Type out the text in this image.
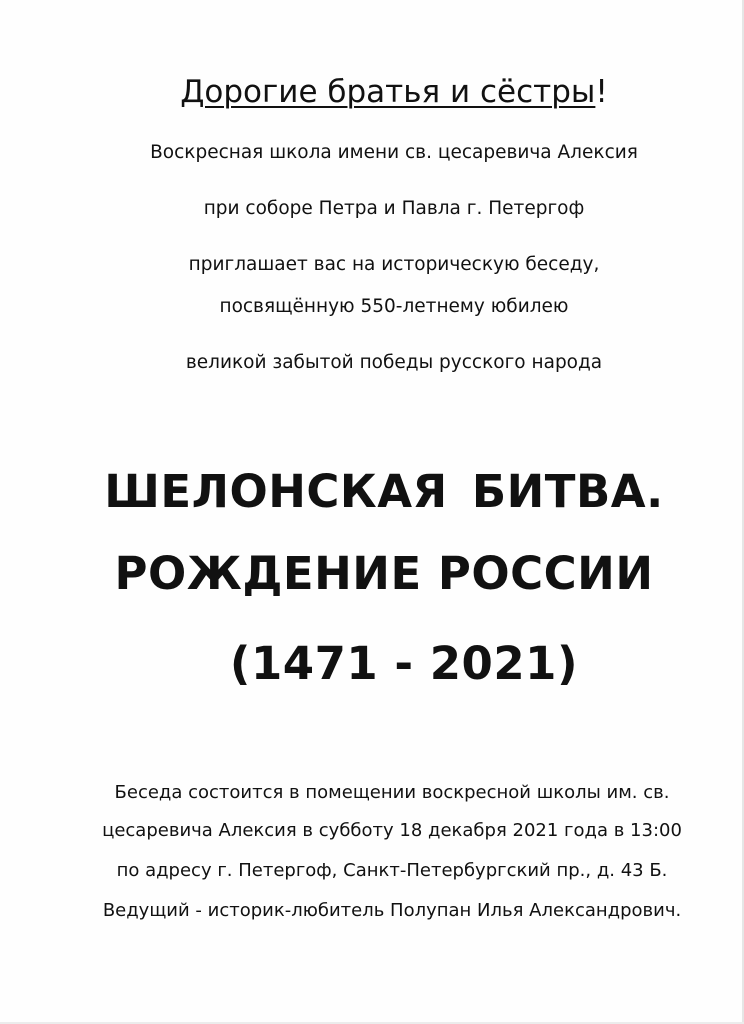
Дорогие братья и сёстры!
Воскресная школа имени св. цесаревича Алексия
при соборе Петра и Павла г. Петергоф
приглашает вас на историческую беседу,
посвящённую 550-летнему юбилею
великой забытой победы русского народа
ШЕЛОНСКАЯ БИТВА.
РОЖДЕНИЕ РОССИИ
(1471 - 2021)
Беседа состоится в помещении воскресной школы им. св.
цесаревича Алексия в субботу 18 декабря 2021 года в 13:00
по адресу г. Петергоф, Санкт-Петербургский пр., д. 43 Б.
Ведущий - историк-любитель Полупан Илья Александрович.
